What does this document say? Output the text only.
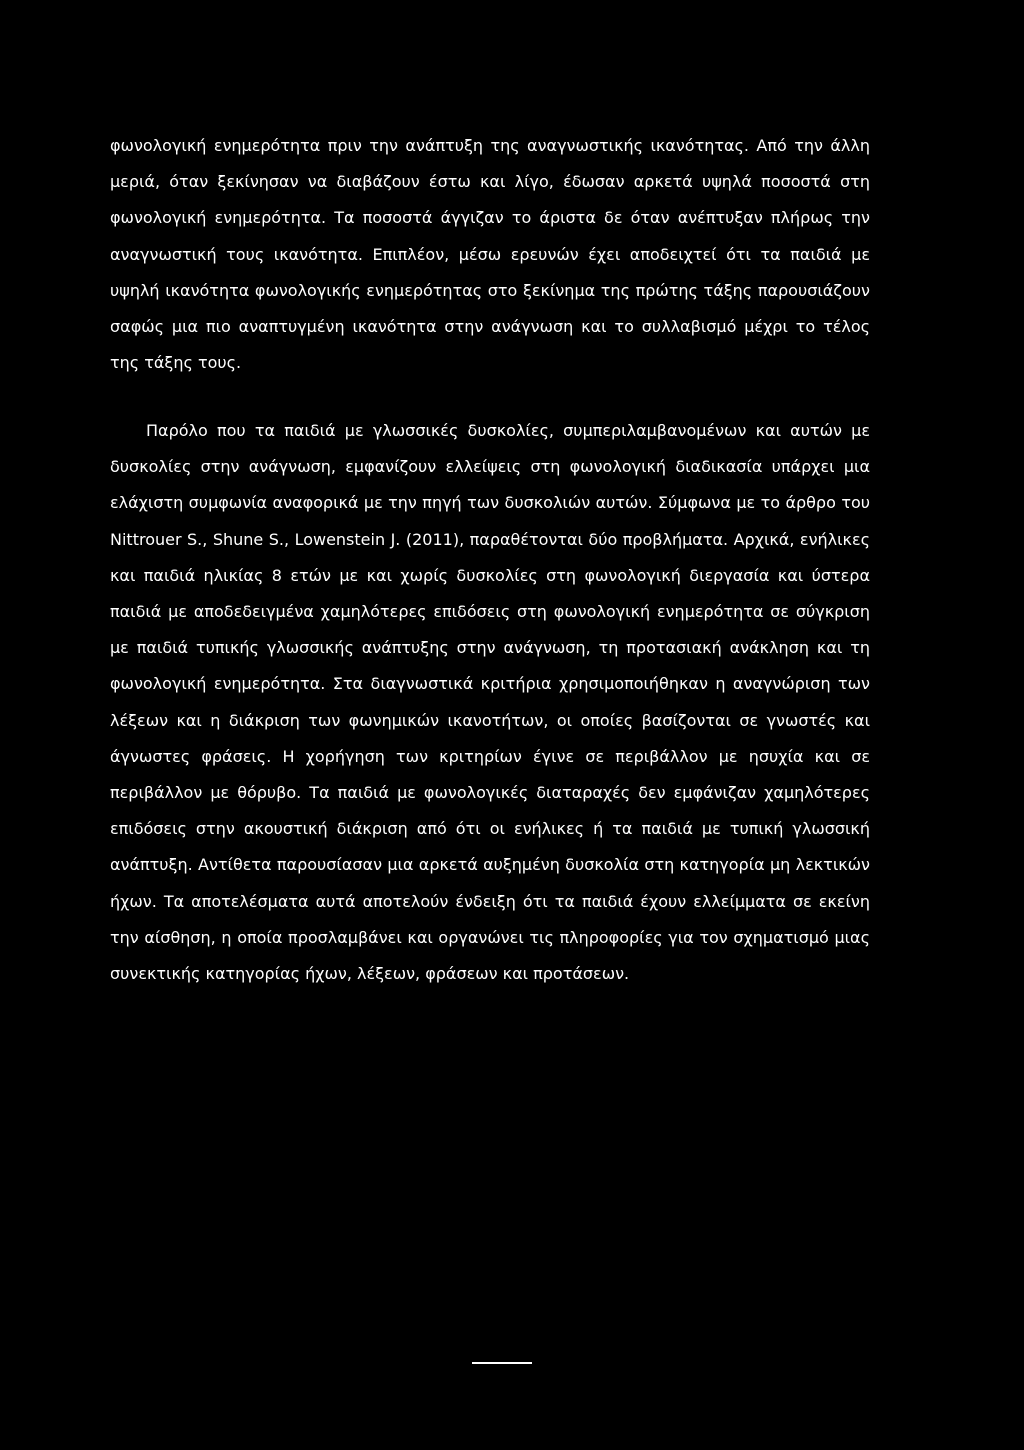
φωνολογική ενημερότητα πριν την ανάπτυξη της αναγνωστικής ικανότητας. Από την άλλη μεριά, όταν ξεκίνησαν να διαβάζουν έστω και λίγο, έδωσαν αρκετά υψηλά ποσοστά στη φωνολογική ενημερότητα. Τα ποσοστά άγγιζαν το άριστα δε όταν ανέπτυξαν πλήρως την αναγνωστική τους ικανότητα. Επιπλέον, μέσω ερευνών έχει αποδειχτεί ότι τα παιδιά με υψηλή ικανότητα φωνολογικής ενημερότητας στο ξεκίνημα της πρώτης τάξης παρουσιάζουν σαφώς μια πιο αναπτυγμένη ικανότητα στην ανάγνωση και το συλλαβισμό μέχρι το τέλος της τάξης τους.

Παρόλο που τα παιδιά με γλωσσικές δυσκολίες, συμπεριλαμβανομένων και αυτών με δυσκολίες στην ανάγνωση, εμφανίζουν ελλείψεις στη φωνολογική διαδικασία υπάρχει μια ελάχιστη συμφωνία αναφορικά με την πηγή των δυσκολιών αυτών. Σύμφωνα με το άρθρο του Nittrouer S., Shune S., Lowenstein J. (2011), παραθέτονται δύο προβλήματα. Αρχικά, ενήλικες και παιδιά ηλικίας 8 ετών με και χωρίς δυσκολίες στη φωνολογική διεργασία και ύστερα παιδιά με αποδεδειγμένα χαμηλότερες επιδόσεις στη φωνολογική ενημερότητα σε σύγκριση με παιδιά τυπικής γλωσσικής ανάπτυξης στην ανάγνωση, τη προτασιακή ανάκληση και τη φωνολογική ενημερότητα. Στα διαγνωστικά κριτήρια χρησιμοποιήθηκαν η αναγνώριση των λέξεων και η διάκριση των φωνημικών ικανοτήτων, οι οποίες βασίζονται σε γνωστές και άγνωστες φράσεις. Η χορήγηση των κριτηρίων έγινε σε περιβάλλον με ησυχία και σε περιβάλλον με θόρυβο. Τα παιδιά με φωνολογικές διαταραχές δεν εμφάνιζαν χαμηλότερες επιδόσεις στην ακουστική διάκριση από ότι οι ενήλικες ή τα παιδιά με τυπική γλωσσική ανάπτυξη. Αντίθετα παρουσίασαν μια αρκετά αυξημένη δυσκολία στη κατηγορία μη λεκτικών ήχων. Τα αποτελέσματα αυτά αποτελούν ένδειξη ότι τα παιδιά έχουν ελλείμματα σε εκείνη την αίσθηση, η οποία προσλαμβάνει και οργανώνει τις πληροφορίες για τον σχηματισμό μιας συνεκτικής κατηγορίας ήχων, λέξεων, φράσεων και προτάσεων.
